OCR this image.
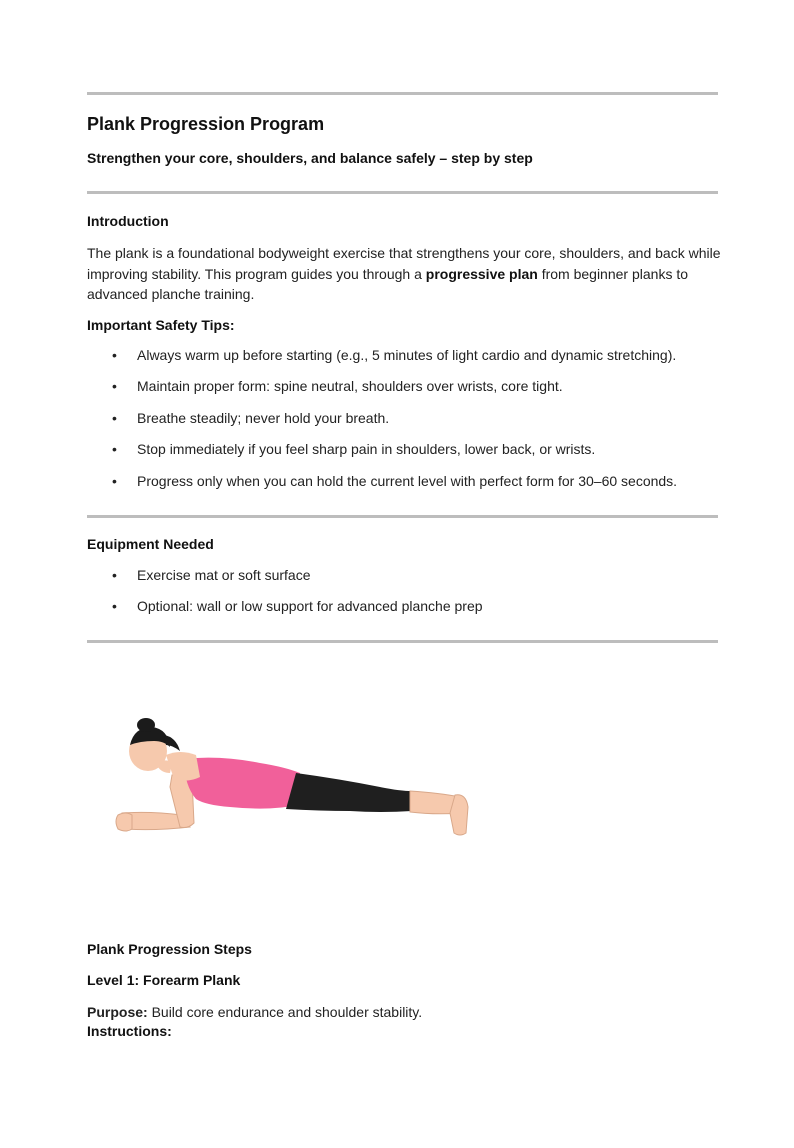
Plank Progression Program
Strengthen your core, shoulders, and balance safely – step by step
Introduction
The plank is a foundational bodyweight exercise that strengthens your core, shoulders, and back while improving stability. This program guides you through a progressive plan from beginner planks to advanced planche training.
Important Safety Tips:
• Always warm up before starting (e.g., 5 minutes of light cardio and dynamic stretching).
• Maintain proper form: spine neutral, shoulders over wrists, core tight.
• Breathe steadily; never hold your breath.
• Stop immediately if you feel sharp pain in shoulders, lower back, or wrists.
• Progress only when you can hold the current level with perfect form for 30–60 seconds.
Equipment Needed
• Exercise mat or soft surface
• Optional: wall or low support for advanced planche prep
Plank Progression Steps
Level 1: Forearm Plank
Purpose: Build core endurance and shoulder stability.
Instructions:
